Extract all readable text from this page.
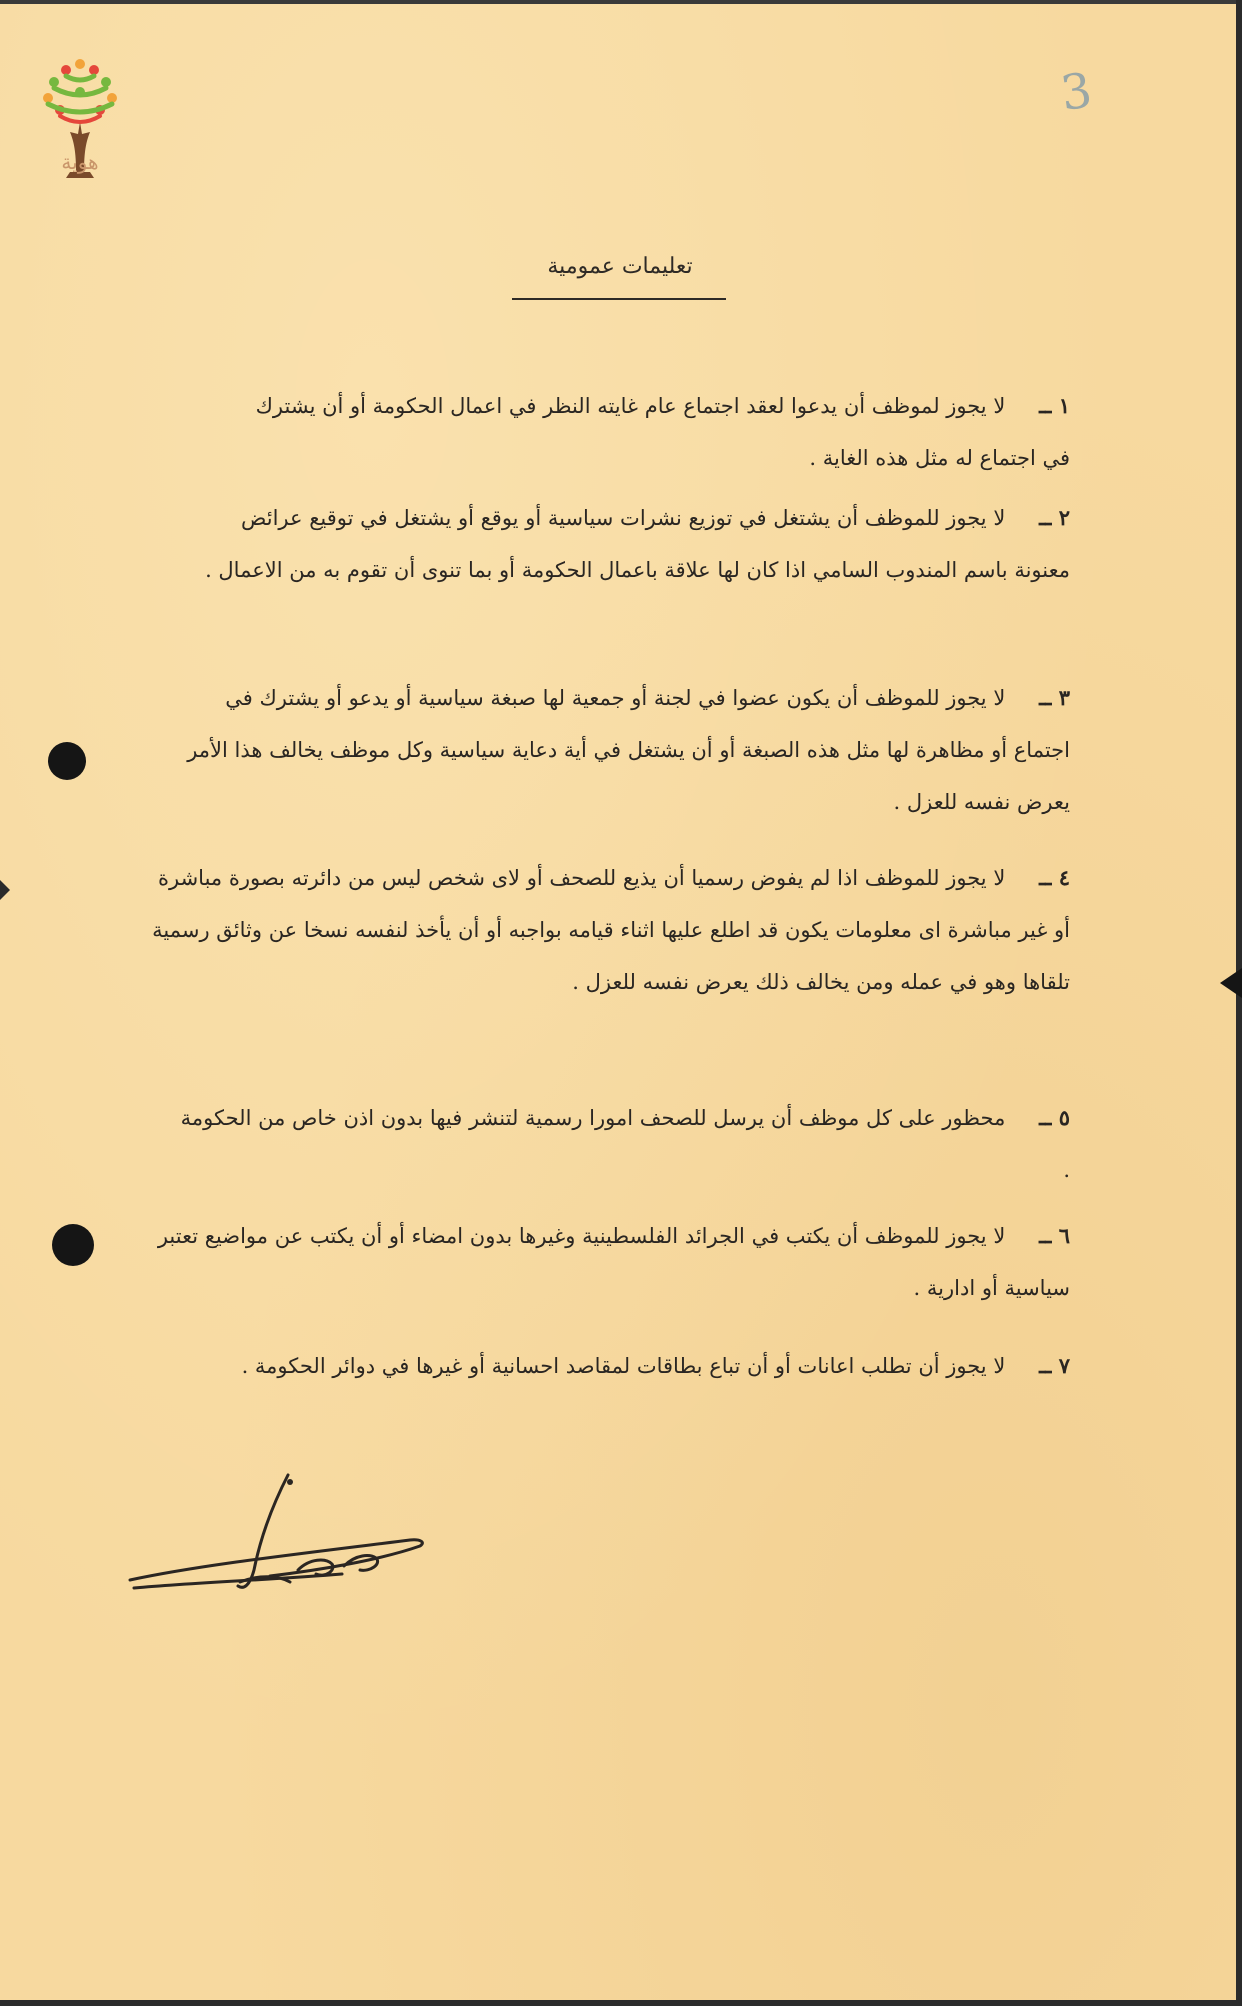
هوية
3
تعليمات عمومية
١ ــ لا يجوز لموظف أن يدعوا لعقد اجتماع عام غايته النظر في اعمال الحكومة أو أن يشترك في اجتماع له مثل هذه الغاية .
٢ ــ لا يجوز للموظف أن يشتغل في توزيع نشرات سياسية أو يوقع أو يشتغل في توقيع عرائض معنونة باسم المندوب السامي اذا كان لها علاقة باعمال الحكومة أو بما تنوى أن تقوم به من الاعمال .
٣ ــ لا يجوز للموظف أن يكون عضوا في لجنة أو جمعية لها صبغة سياسية أو يدعو أو يشترك في اجتماع أو مظاهرة لها مثل هذه الصبغة أو أن يشتغل في أية دعاية سياسية وكل موظف يخالف هذا الأمر يعرض نفسه للعزل .
٤ ــ لا يجوز للموظف اذا لم يفوض رسميا أن يذيع للصحف أو لاى شخص ليس من دائرته بصورة مباشرة أو غير مباشرة اى معلومات يكون قد اطلع عليها اثناء قيامه بواجبه أو أن يأخذ لنفسه نسخا عن وثائق رسمية تلقاها وهو في عمله ومن يخالف ذلك يعرض نفسه للعزل .
٥ ــ محظور على كل موظف أن يرسل للصحف امورا رسمية لتنشر فيها بدون اذن خاص من الحكومة .
٦ ــ لا يجوز للموظف أن يكتب في الجرائد الفلسطينية وغيرها بدون امضاء أو أن يكتب عن مواضيع تعتبر سياسية أو ادارية .
٧ ــ لا يجوز أن تطلب اعانات أو أن تباع بطاقات لمقاصد احسانية أو غيرها في دوائر الحكومة .
